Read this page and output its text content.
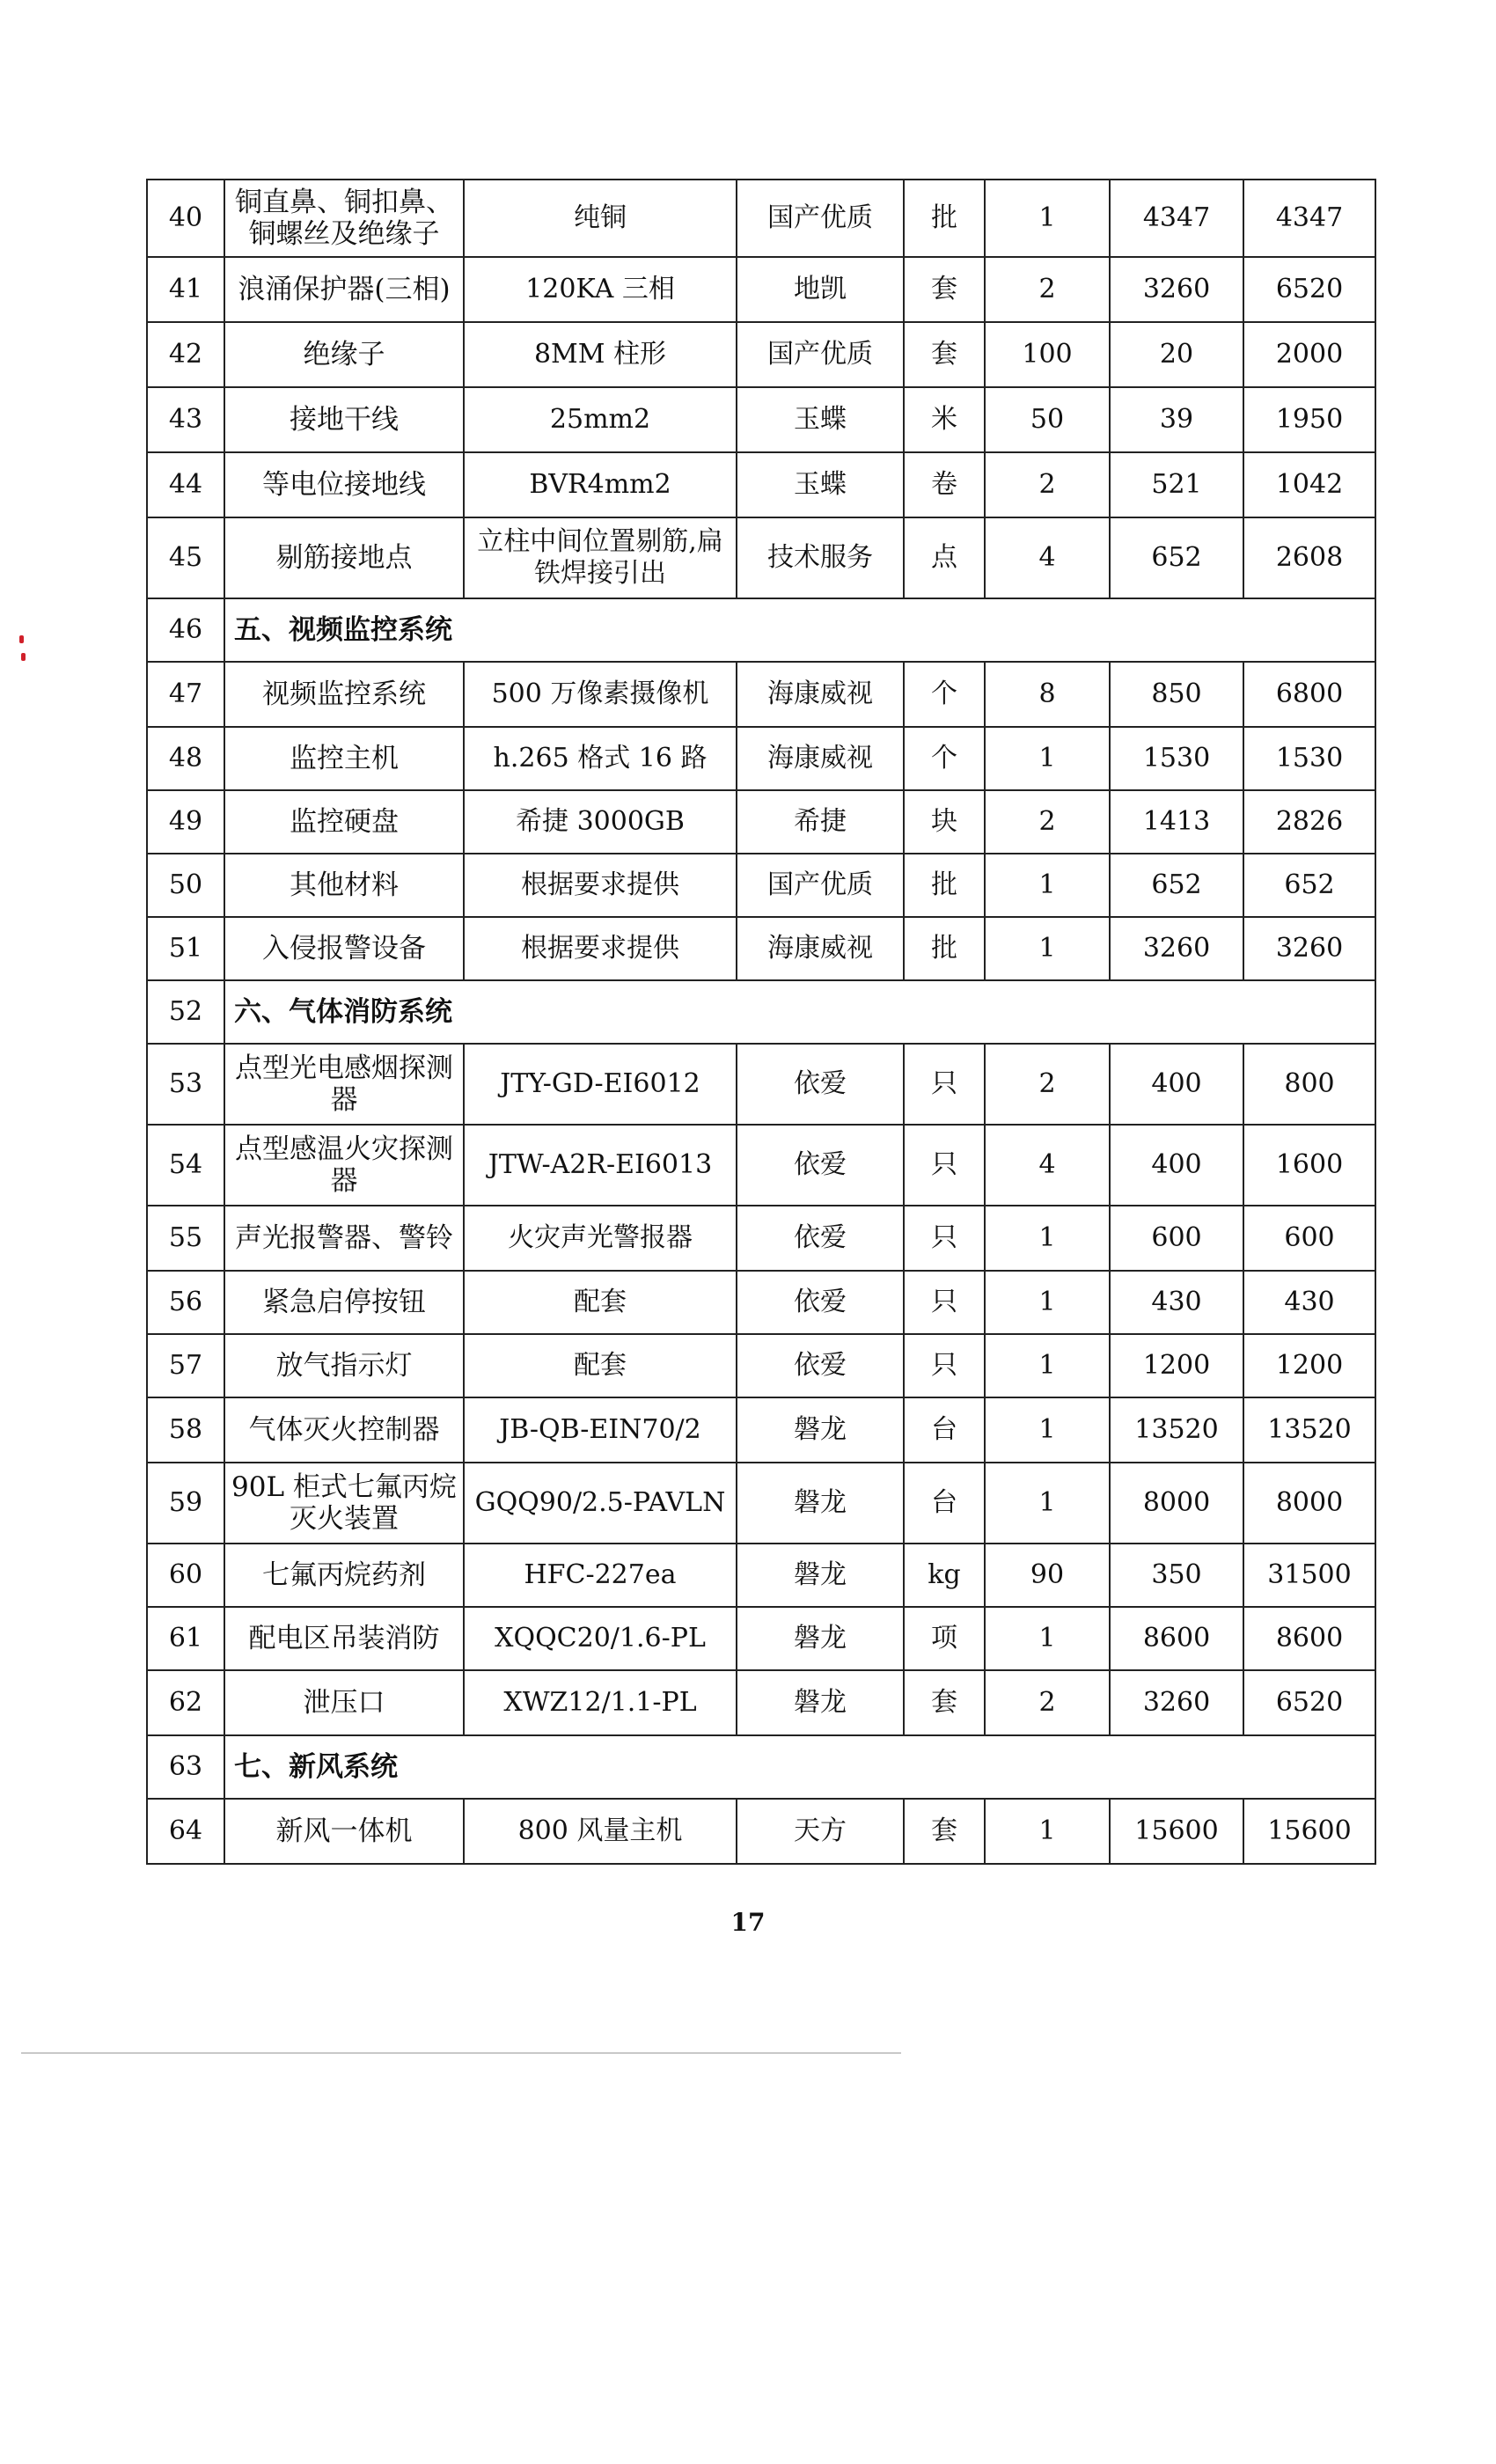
40	铜直鼻、铜扣鼻、铜螺丝及绝缘子	纯铜	国产优质	批	1	4347	4347
41	浪涌保护器(三相)	120KA 三相	地凯	套	2	3260	6520
42	绝缘子	8MM 柱形	国产优质	套	100	20	2000
43	接地干线	25mm2	玉蝶	米	50	39	1950
44	等电位接地线	BVR4mm2	玉蝶	卷	2	521	1042
45	剔筋接地点	立柱中间位置剔筋,扁铁焊接引出	技术服务	点	4	652	2608
46	五、视频监控系统						
47	视频监控系统	500 万像素摄像机	海康威视	个	8	850	6800
48	监控主机	h.265 格式 16 路	海康威视	个	1	1530	1530
49	监控硬盘	希捷 3000GB	希捷	块	2	1413	2826
50	其他材料	根据要求提供	国产优质	批	1	652	652
51	入侵报警设备	根据要求提供	海康威视	批	1	3260	3260
52	六、气体消防系统						
53	点型光电感烟探测器	JTY-GD-EI6012	依爱	只	2	400	800
54	点型感温火灾探测器	JTW-A2R-EI6013	依爱	只	4	400	1600
55	声光报警器、警铃	火灾声光警报器	依爱	只	1	600	600
56	紧急启停按钮	配套	依爱	只	1	430	430
57	放气指示灯	配套	依爱	只	1	1200	1200
58	气体灭火控制器	JB-QB-EIN70/2	磐龙	台	1	13520	13520
59	90L 柜式七氟丙烷灭火装置	GQQ90/2.5-PAVLN	磐龙	台	1	8000	8000
60	七氟丙烷药剂	HFC-227ea	磐龙	kg	90	350	31500
61	配电区吊装消防	XQQC20/1.6-PL	磐龙	项	1	8600	8600
62	泄压口	XWZ12/1.1-PL	磐龙	套	2	3260	6520
63	七、新风系统						
64	新风一体机	800 风量主机	天方	套	1	15600	15600
17
